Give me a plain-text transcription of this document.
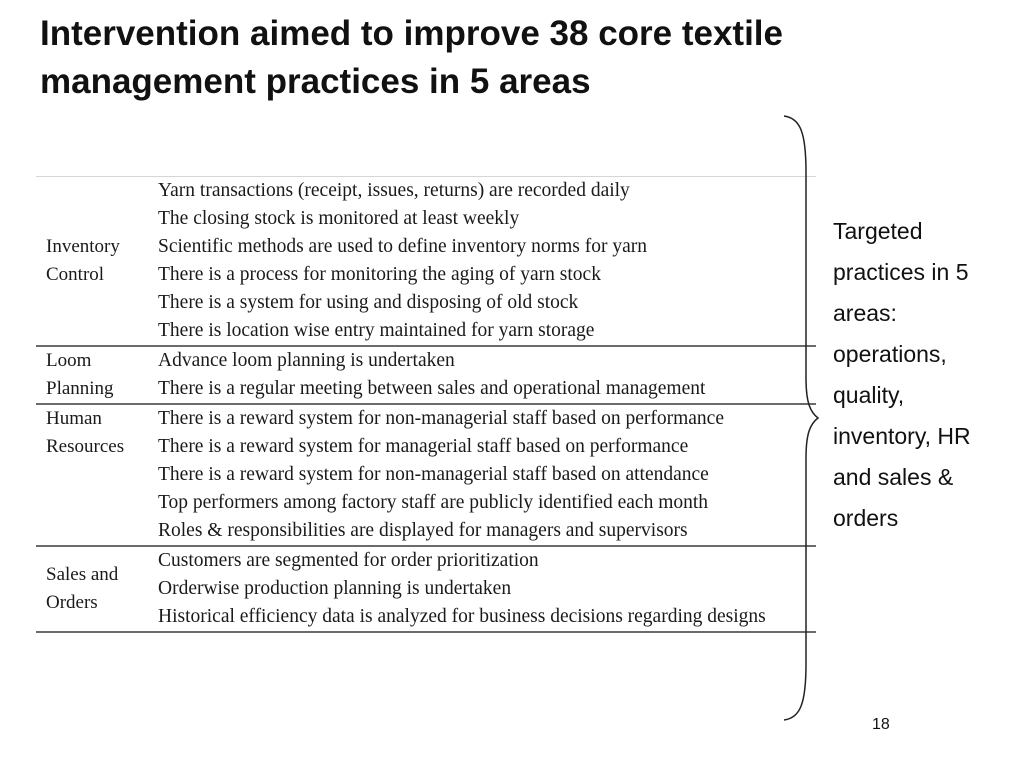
Intervention aimed to improve 38 core textile
management practices in 5 areas
Inventory
Control
Yarn transactions (receipt, issues, returns) are recorded daily
The closing stock is monitored at least weekly
Scientific methods are used to define inventory norms for yarn
There is a process for monitoring the aging of yarn stock
There is a system for using and disposing of old stock
There is location wise entry maintained for yarn storage
Loom
Planning
Advance loom planning is undertaken
There is a regular meeting between sales and operational management
Human
Resources
There is a reward system for non-managerial staff based on performance
There is a reward system for managerial staff based on performance
There is a reward system for non-managerial staff based on attendance
Top performers among factory staff are publicly identified each month
Roles & responsibilities are displayed for managers and supervisors
Sales and
Orders
Customers are segmented for order prioritization
Orderwise production planning is undertaken
Historical efficiency data is analyzed for business decisions regarding designs
Targeted
practices in 5
areas:
operations,
quality,
inventory, HR
and sales &
orders
18
